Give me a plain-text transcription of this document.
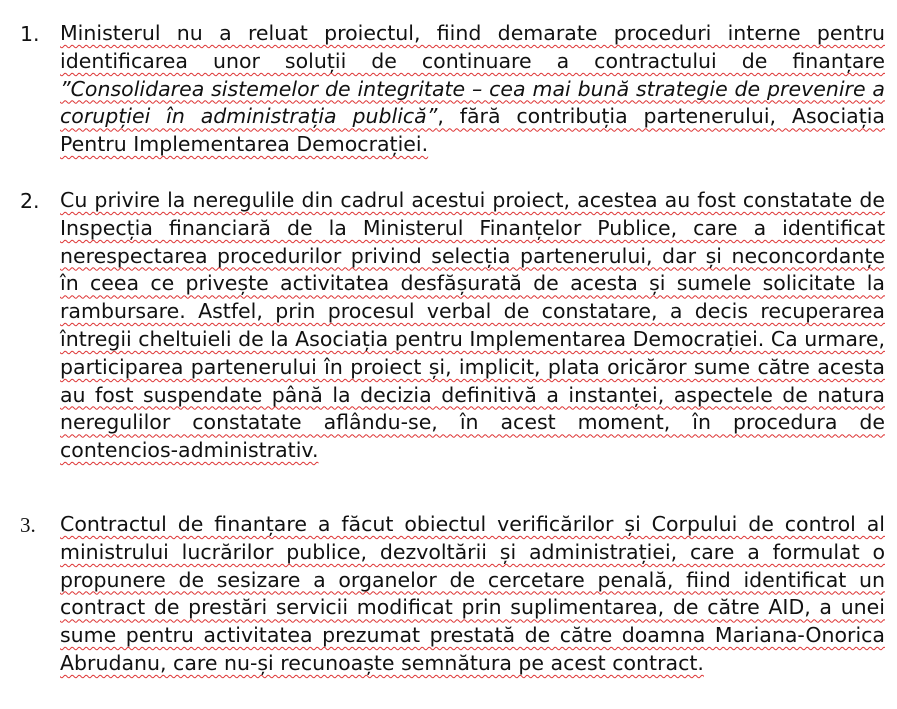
1. Ministerul nu a reluat proiectul, fiind demarate proceduri interne pentru identificarea unor soluții de continuare a contractului de finanțare ”Consolidarea sistemelor de integritate – cea mai bună strategie de prevenire a corupției în administrația publică”, fără contribuția partenerului, Asociația Pentru Implementarea Democrației.

2. Cu privire la neregulile din cadrul acestui proiect, acestea au fost constatate de Inspecția financiară de la Ministerul Finanțelor Publice, care a identificat nerespectarea procedurilor privind selecția partenerului, dar și neconcordanțe în ceea ce privește activitatea desfășurată de acesta și sumele solicitate la rambursare. Astfel, prin procesul verbal de constatare, a decis recuperarea întregii cheltuieli de la Asociația pentru Implementarea Democrației. Ca urmare, participarea partenerului în proiect și, implicit, plata oricăror sume către acesta au fost suspendate până la decizia definitivă a instanței, aspectele de natura neregulilor constatate aflându-se, în acest moment, în procedura de contencios-administrativ.

3. Contractul de finanțare a făcut obiectul verificărilor și Corpului de control al ministrului lucrărilor publice, dezvoltării și administrației, care a formulat o propunere de sesizare a organelor de cercetare penală, fiind identificat un contract de prestări servicii modificat prin suplimentarea, de către AID, a unei sume pentru activitatea prezumat prestată de către doamna Mariana-Onorica Abrudanu, care nu-și recunoaște semnătura pe acest contract.
